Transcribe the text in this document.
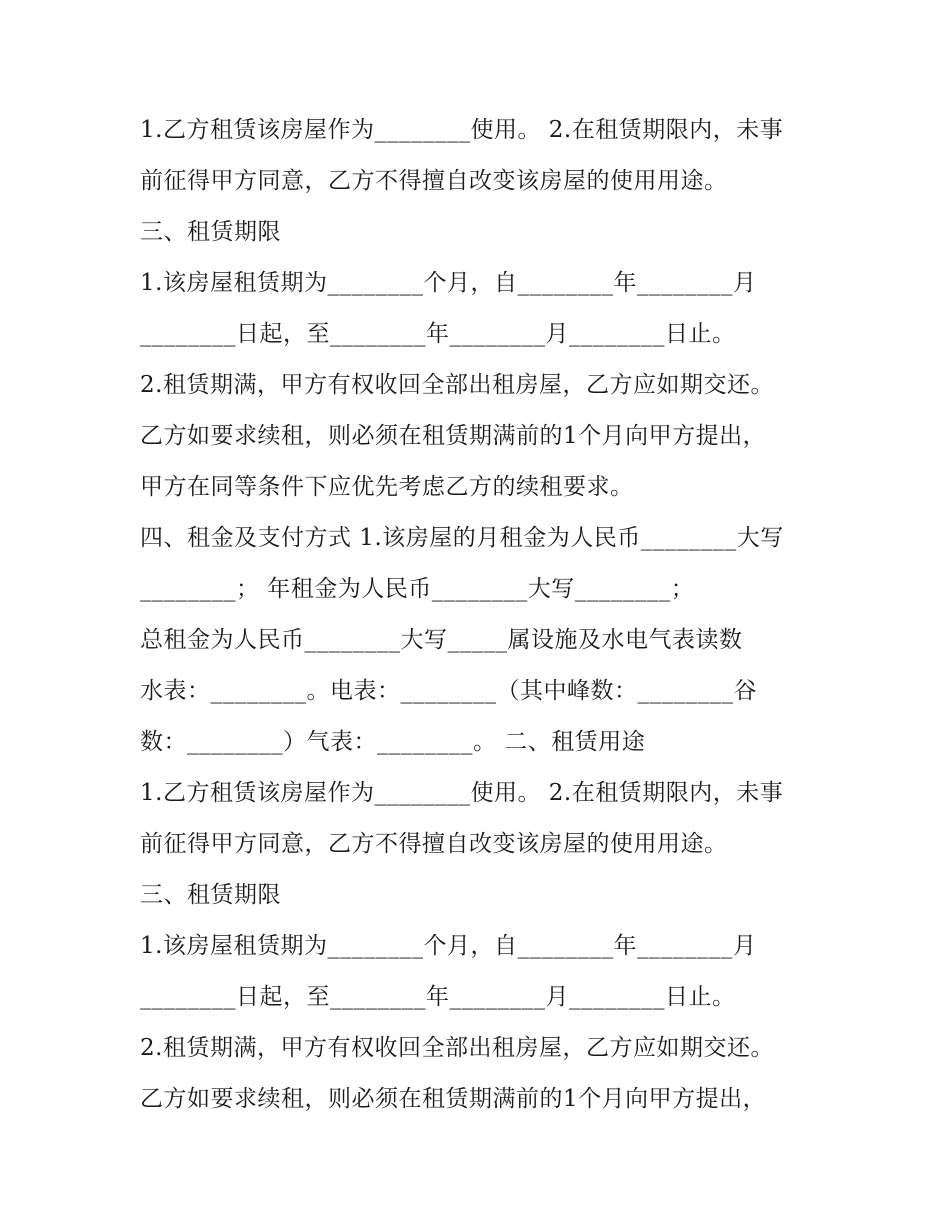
1.乙方租赁该房屋作为________使用。 2.在租赁期限内，未事
前征得甲方同意，乙方不得擅自改变该房屋的使用用途。
三、租赁期限
1.该房屋租赁期为________个月，自________年________月
________日起，至________年________月________日止。
2.租赁期满，甲方有权收回全部出租房屋，乙方应如期交还。
乙方如要求续租，则必须在租赁期满前的1个月向甲方提出，
甲方在同等条件下应优先考虑乙方的续租要求。
四、租金及支付方式 1.该房屋的月租金为人民币________大写
________； 年租金为人民币________大写________；
总租金为人民币________大写_____属设施及水电气表读数
水表：________。电表：________（其中峰数：________谷
数：________）气表：________。 二、租赁用途
1.乙方租赁该房屋作为________使用。 2.在租赁期限内，未事
前征得甲方同意，乙方不得擅自改变该房屋的使用用途。
三、租赁期限
1.该房屋租赁期为________个月，自________年________月
________日起，至________年________月________日止。
2.租赁期满，甲方有权收回全部出租房屋，乙方应如期交还。
乙方如要求续租，则必须在租赁期满前的1个月向甲方提出，
